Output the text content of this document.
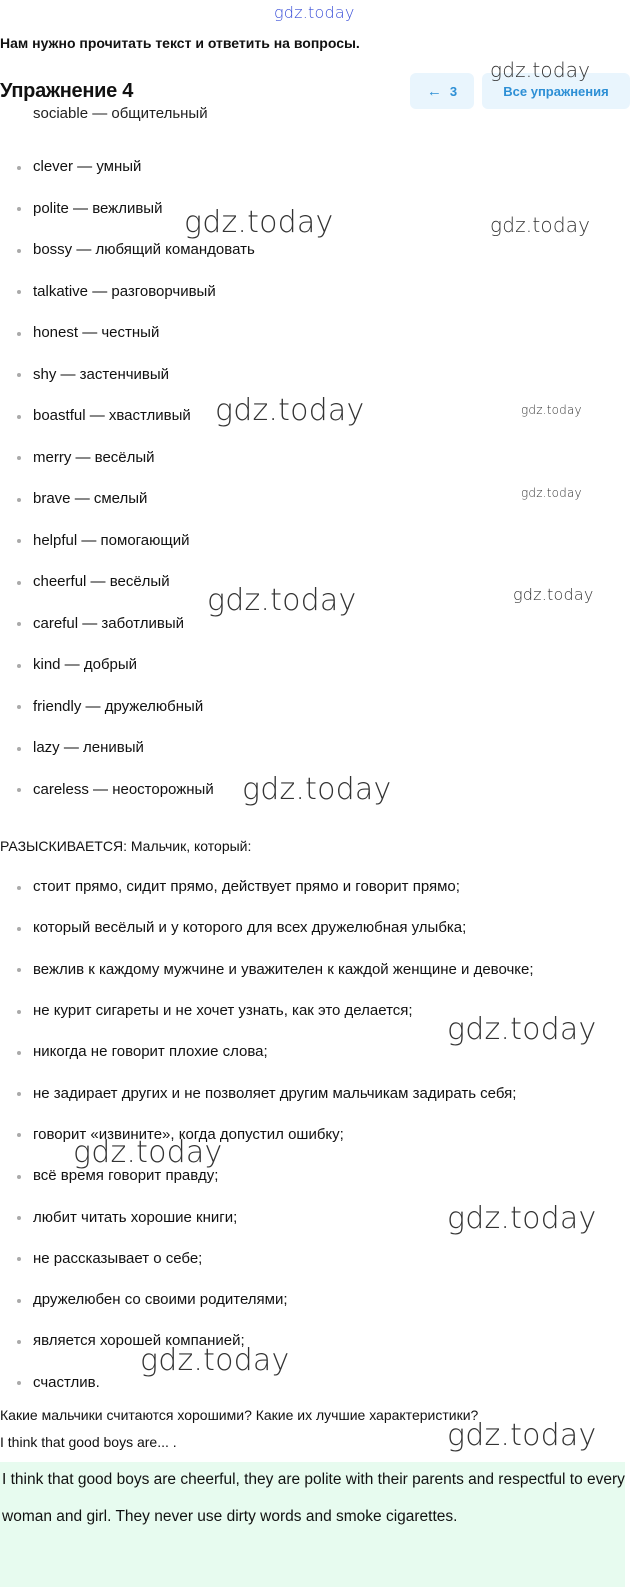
gdz.today
Нам нужно прочитать текст и ответить на вопросы.
Упражнение 4	← 3	Все упражнения
sociable — общительный
clever — умный
polite — вежливый
bossy — любящий командовать
talkative — разговорчивый
honest — честный
shy — застенчивый
boastful — хвастливый
merry — весёлый
brave — смелый
helpful — помогающий
cheerful — весёлый
careful — заботливый
kind — добрый
friendly — дружелюбный
lazy — ленивый
careless — неосторожный
РАЗЫСКИВАЕТСЯ: Мальчик, который:
стоит прямо, сидит прямо, действует прямо и говорит прямо;
который весёлый и у которого для всех дружелюбная улыбка;
вежлив к каждому мужчине и уважителен к каждой женщине и девочке;
не курит сигареты и не хочет узнать, как это делается;
никогда не говорит плохие слова;
не задирает других и не позволяет другим мальчикам задирать себя;
говорит «извините», когда допустил ошибку;
всё время говорит правду;
любит читать хорошие книги;
не рассказывает о себе;
дружелюбен со своими родителями;
является хорошей компанией;
счастлив.
Какие мальчики считаются хорошими? Какие их лучшие характеристики?
I think that good boys are... .
I think that good boys are cheerful, they are polite with their parents and respectful to every woman and girl. They never use dirty words and smoke cigarettes.
gdz.today
gdz.today	gdz.today
gdz.today	gdz.today
gdz.today
gdz.today	gdz.today
gdz.today
gdz.today
gdz.today
gdz.today
gdz.today
gdz.today
